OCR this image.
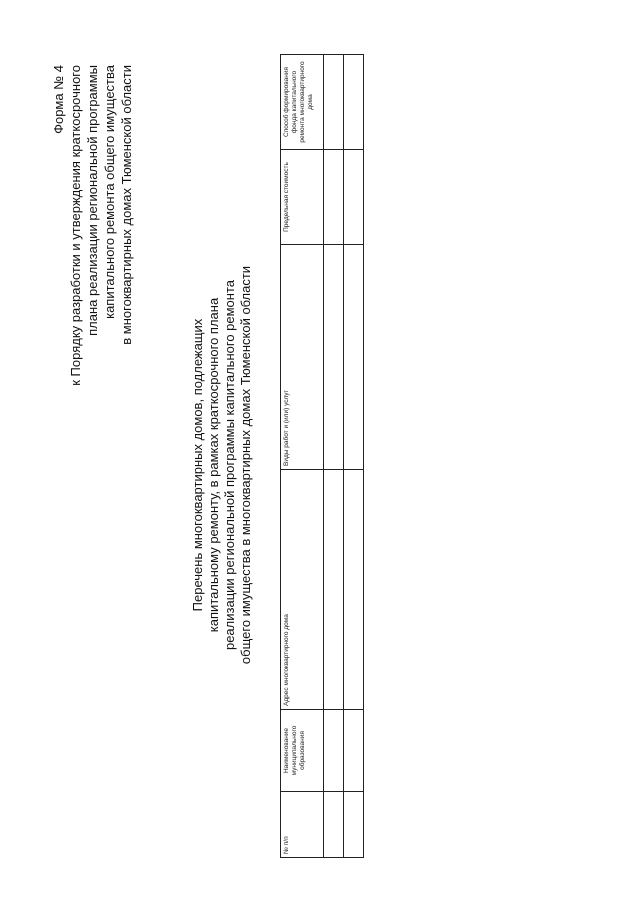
Форма № 4 к Порядку разработки и утверждения краткосрочного плана реализации региональной программы капитального ремонта общего имущества в многоквартирных домах Тюменской области
Перечень многоквартирных домов, подлежащих капитальному ремонту, в рамках краткосрочного плана реализации региональной программы капитального ремонта общего имущества в многоквартирных домах Тюменской области
№ п/п	Наименование муниципального образования	Адрес многоквартирного дома	Виды работ и (или) услуг	Предельная стоимость	Способ формирования фонда капитального ремонта многоквартирного дома
